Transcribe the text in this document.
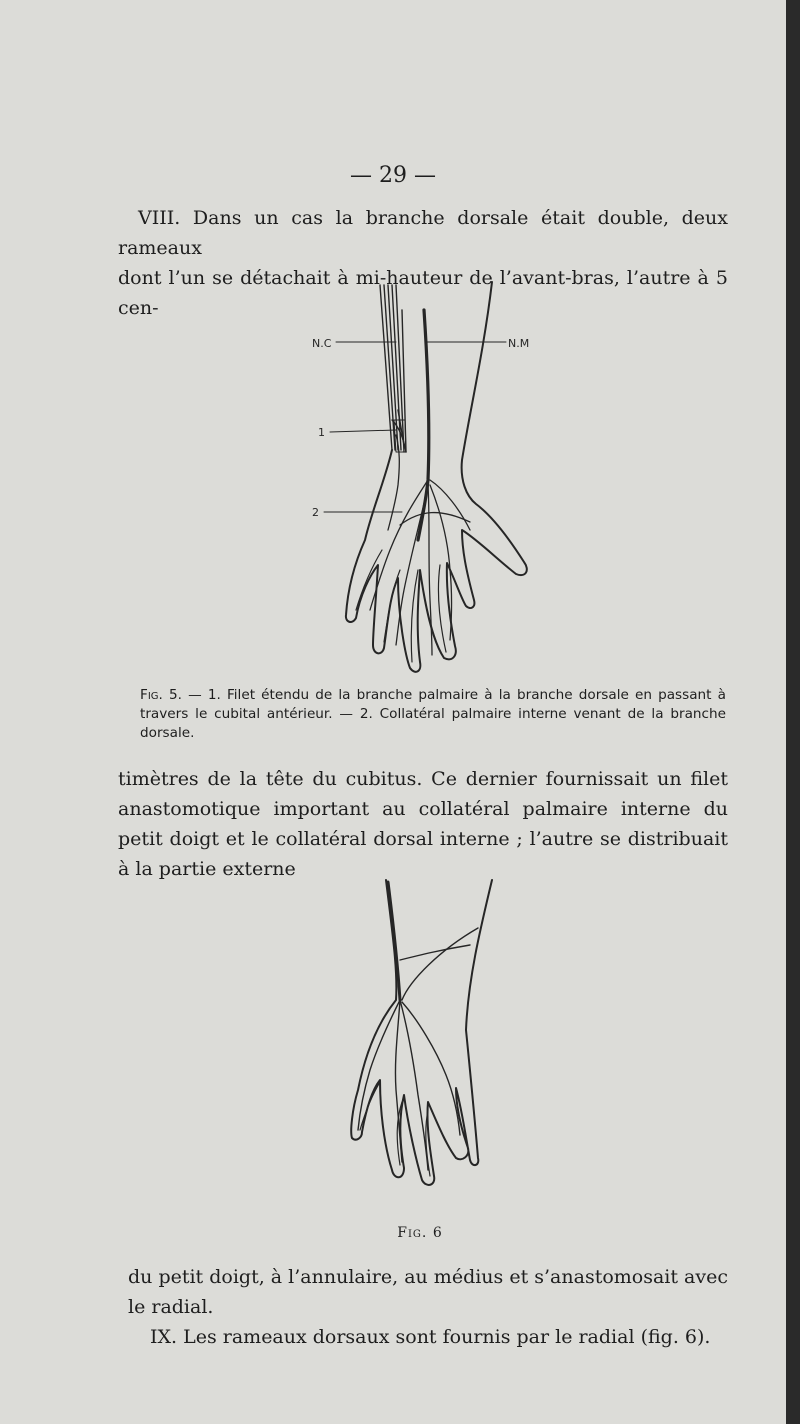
— 29 —
VIII. Dans un cas la branche dorsale était double, deux rameaux
dont l’un se détachait à mi-hauteur de l’avant-bras, l’autre à 5 cen-
N.C	N.M
1
2
Fig. 5. — 1. Filet étendu de la branche palmaire à la branche dorsale en passant à travers le cubital antérieur. — 2. Collatéral palmaire interne venant de la branche dorsale.
timètres de la tête du cubitus. Ce dernier fournissait un filet anastomotique important au collatéral palmaire interne du petit doigt et le collatéral dorsal interne ; l’autre se distribuait à la partie externe
Fig. 6
du petit doigt, à l’annulaire, au médius et s’anastomosait avec le radial.
IX. Les rameaux dorsaux sont fournis par le radial (fig. 6).
